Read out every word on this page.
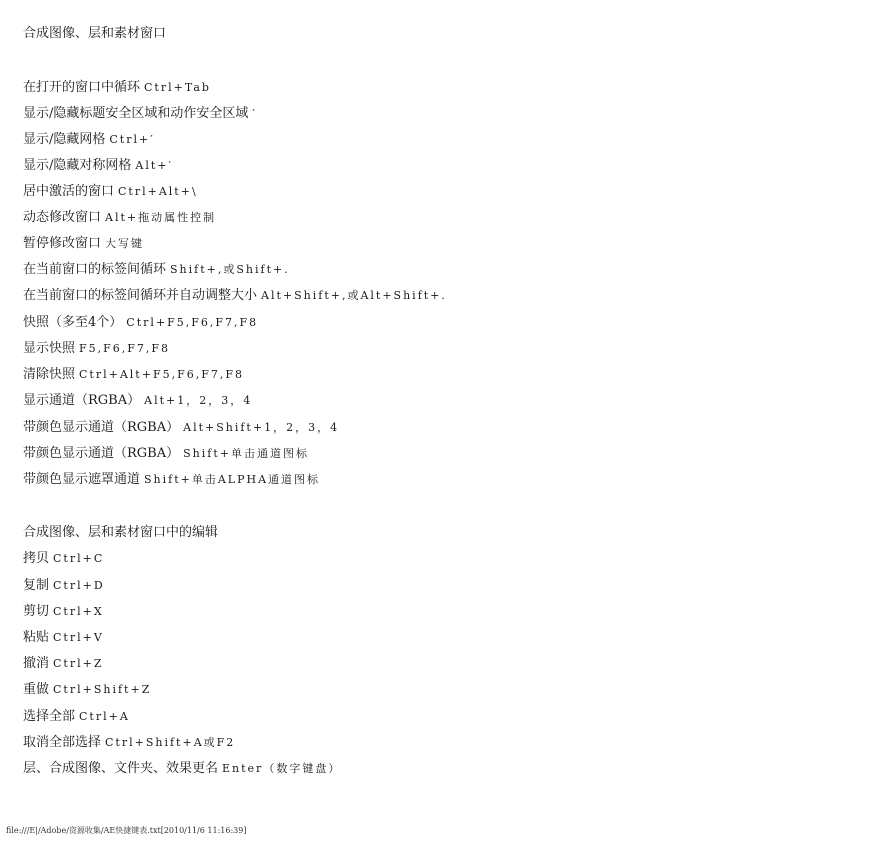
合成图像、层和素材窗口
在打开的窗口中循环 Ctrl+Tab
显示/隐藏标题安全区域和动作安全区域 ′
显示/隐藏网格 Ctrl+′
显示/隐藏对称网格 Alt+′
居中激活的窗口 Ctrl+Alt+\
动态修改窗口 Alt+拖动属性控制
暂停修改窗口 大写键
在当前窗口的标签间循环 Shift+,或Shift+.
在当前窗口的标签间循环并自动调整大小 Alt+Shift+,或Alt+Shift+.
快照（多至4个） Ctrl+F5,F6,F7,F8
显示快照 F5,F6,F7,F8
清除快照 Ctrl+Alt+F5,F6,F7,F8
显示通道（RGBA） Alt+1，2，3，4
带颜色显示通道（RGBA） Alt+Shift+1，2，3，4
带颜色显示通道（RGBA） Shift+单击通道图标
带颜色显示遮罩通道 Shift+单击ALPHA通道图标
合成图像、层和素材窗口中的编辑
拷贝 Ctrl+C
复制 Ctrl+D
剪切 Ctrl+X
粘贴 Ctrl+V
撤消 Ctrl+Z
重做 Ctrl+Shift+Z
选择全部 Ctrl+A
取消全部选择 Ctrl+Shift+A或F2
层、合成图像、文件夹、效果更名 Enter（数字键盘）
file:///E|/Adobe/资源收集/AE快捷键表.txt[2010/11/6 11:16:39]
